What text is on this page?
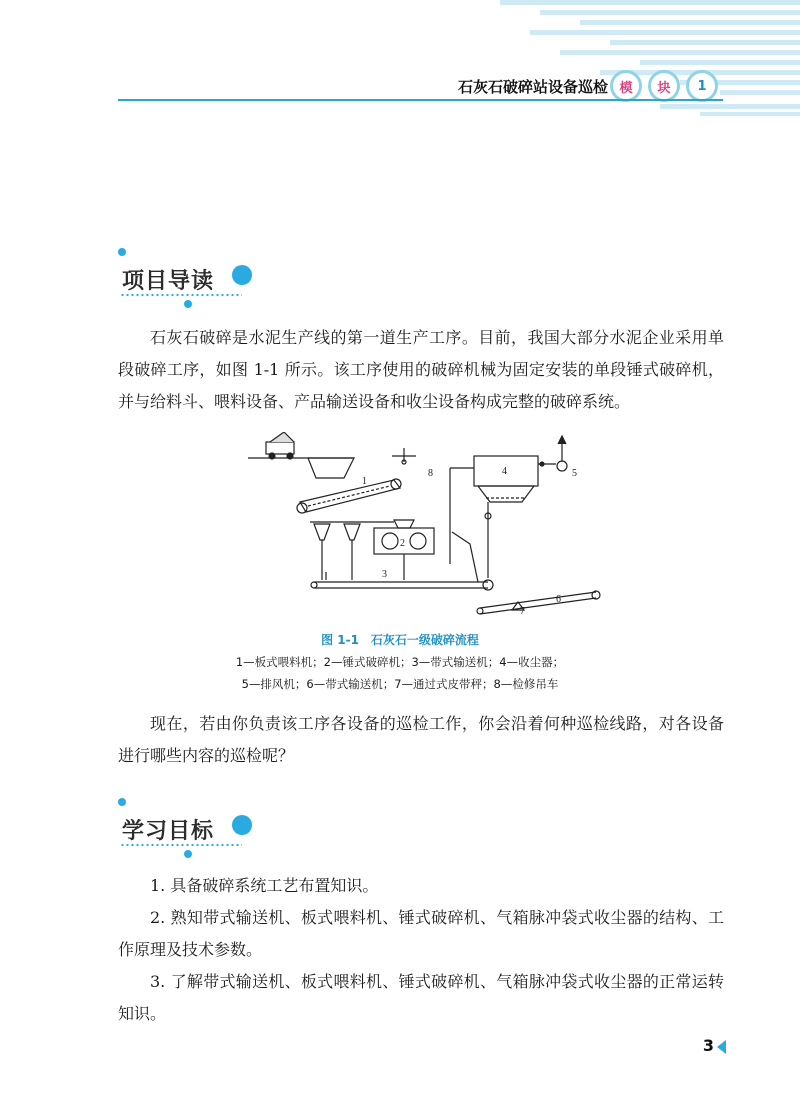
石灰石破碎站设备巡检 模	块	1
项目导读
石灰石破碎是水泥生产线的第一道生产工序。目前，我国大部分水泥企业采用单段破碎工序，如图 1-1 所示。该工序使用的破碎机械为固定安装的单段锤式破碎机，并与给料斗、喂料设备、产品输送设备和收尘设备构成完整的破碎系统。
1
2
3
4	5
6
7
8
图 1-1　石灰石一级破碎流程
1—板式喂料机；2—锤式破碎机；3—带式输送机；4—收尘器；
5—排风机；6—带式输送机；7—通过式皮带秤；8—检修吊车
现在，若由你负责该工序各设备的巡检工作，你会沿着何种巡检线路，对各设备进行哪些内容的巡检呢？
学习目标
1. 具备破碎系统工艺布置知识。
2. 熟知带式输送机、板式喂料机、锤式破碎机、气箱脉冲袋式收尘器的结构、工作原理及技术参数。
3. 了解带式输送机、板式喂料机、锤式破碎机、气箱脉冲袋式收尘器的正常运转知识。
3
